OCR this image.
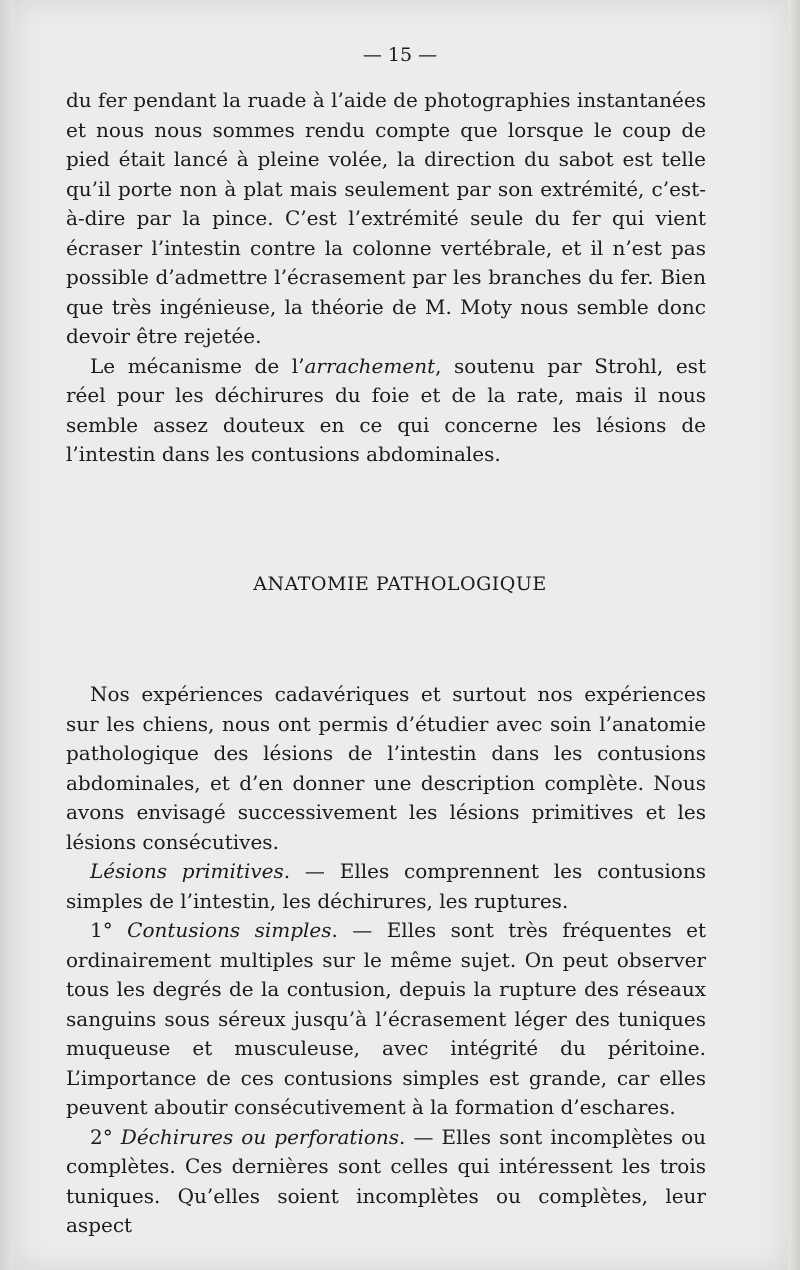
— 15 —

du fer pendant la ruade à l’aide de photographies instantanées et nous nous sommes rendu compte que lorsque le coup de pied était lancé à pleine volée, la direction du sabot est telle qu’il porte non à plat mais seulement par son extrémité, c’est-à-dire par la pince. C’est l’extrémité seule du fer qui vient écraser l’intestin contre la colonne vertébrale, et il n’est pas possible d’admettre l’écrasement par les branches du fer. Bien que très ingénieuse, la théorie de M. Moty nous semble donc devoir être rejetée.

Le mécanisme de l’arrachement, soutenu par Strohl, est réel pour les déchirures du foie et de la rate, mais il nous semble assez douteux en ce qui concerne les lésions de l’intestin dans les contusions abdominales.

ANATOMIE PATHOLOGIQUE

Nos expériences cadavériques et surtout nos expériences sur les chiens, nous ont permis d’étudier avec soin l’anatomie pathologique des lésions de l’intestin dans les contusions abdominales, et d’en donner une description complète. Nous avons envisagé successivement les lésions primitives et les lésions consécutives.

Lésions primitives. — Elles comprennent les contusions simples de l’intestin, les déchirures, les ruptures.

1° Contusions simples. — Elles sont très fréquentes et ordinairement multiples sur le même sujet. On peut observer tous les degrés de la contusion, depuis la rupture des réseaux sanguins sous séreux jusqu’à l’écrasement léger des tuniques muqueuse et musculeuse, avec intégrité du péritoine. L’importance de ces contusions simples est grande, car elles peuvent aboutir consécutivement à la formation d’eschares.

2° Déchirures ou perforations. — Elles sont incomplètes ou complètes. Ces dernières sont celles qui intéressent les trois tuniques. Qu’elles soient incomplètes ou complètes, leur aspect
